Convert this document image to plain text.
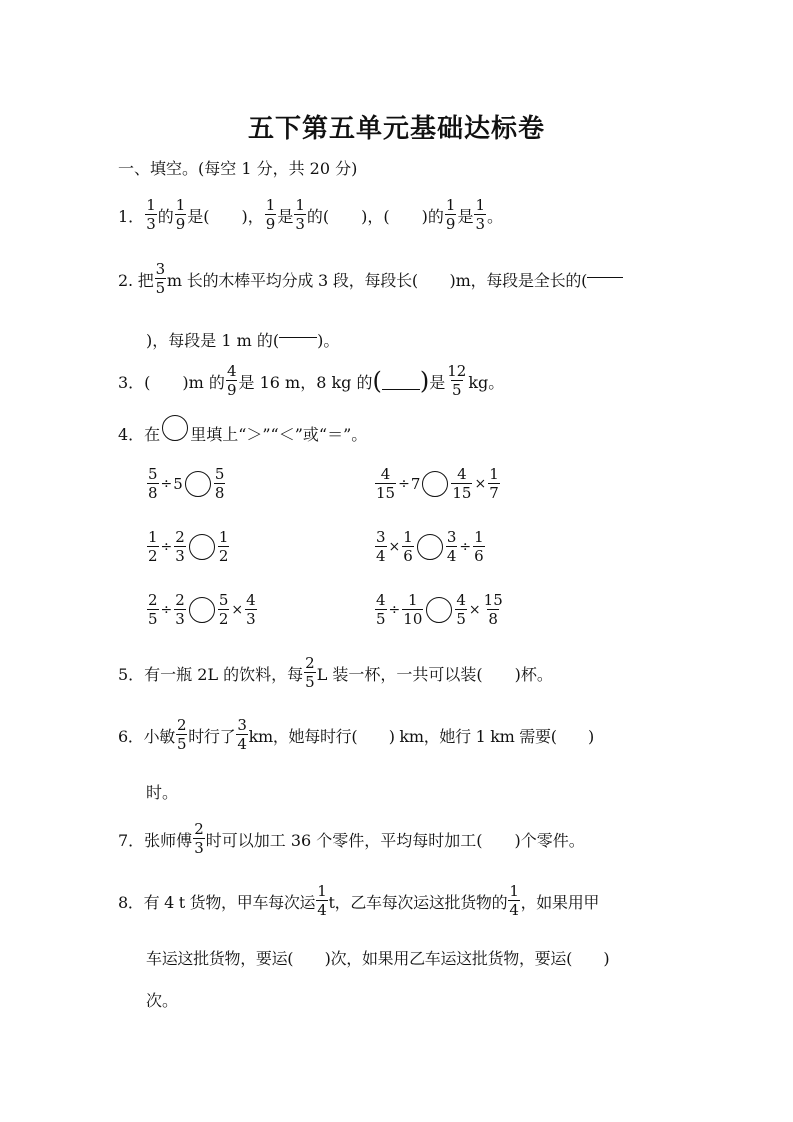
五下第五单元基础达标卷
一、填空。(每空 1 分，共 20 分)
1． $\frac{1}{3}$ 的 $\frac{1}{9}$ 是(　　)， $\frac{1}{9}$ 是 $\frac{1}{3}$ 的(　　)，(　　)的 $\frac{1}{9}$ 是 $\frac{1}{3}$ 。
2. 把 $\frac{3}{5}$ m 长的木棒平均分成 3 段，每段长(　　)m，每段是全长的(
)，每段是 1 m 的( )。
3．(　　)m 的 $\frac{4}{9}$ 是 16 m，8 kg 的 ( ) 是 $\frac{12}{5}$ kg。
4．在 里填上“＞”“＜”或“＝”。
$\frac{5}{8} \div 5 \frac{5}{8}$	$\frac{4}{15} \div 7 \frac{4}{15} \times \frac{1}{7}$
$\frac{1}{2} \div \frac{2}{3} \frac{1}{2}$	$\frac{3}{4} \times \frac{1}{6} \frac{3}{4} \div \frac{1}{6}$
$\frac{2}{5} \div \frac{2}{3} \frac{5}{2} \times \frac{4}{3}$	$\frac{4}{5} \div \frac{1}{10} \frac{4}{5} \times \frac{15}{8}$
5．有一瓶 2L 的饮料，每 $\frac{2}{5}$ L 装一杯，一共可以装(　　)杯。
6．小敏 $\frac{2}{5}$ 时行了 $\frac{3}{4}$ km，她每时行(　　) km，她行 1 km 需要(　　)
时。
7．张师傅 $\frac{2}{3}$ 时可以加工 36 个零件，平均每时加工(　　)个零件。
8．有 4 t 货物，甲车每次运 $\frac{1}{4}$ t，乙车每次运这批货物的 $\frac{1}{4}$ ，如果用甲
车运这批货物，要运(　　)次，如果用乙车运这批货物，要运(　　)
次。
